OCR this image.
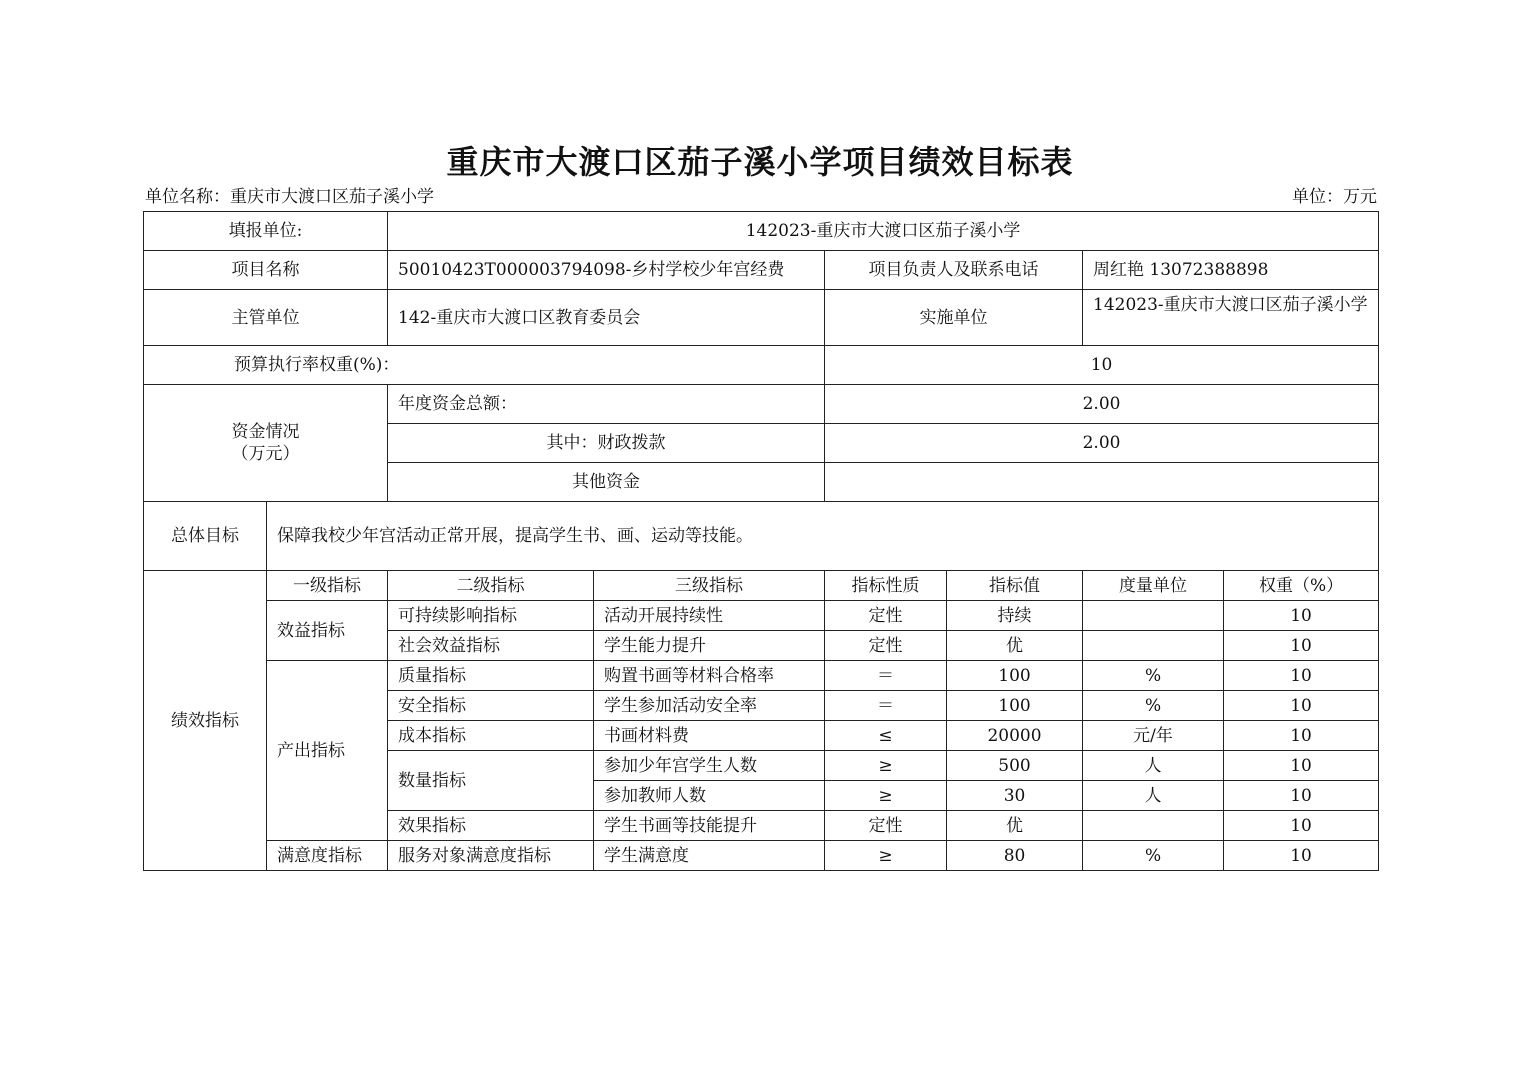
重庆市大渡口区茄子溪小学项目绩效目标表
单位名称：重庆市大渡口区茄子溪小学	单位：万元
填报单位:		142023-重庆市大渡口区茄子溪小学					
项目名称		50010423T000003794098-乡村学校少年宫经费		项目负责人及联系电话		周红艳 13072388898	
主管单位		142-重庆市大渡口区教育委员会		实施单位		142023-重庆市大渡口区茄子溪小学	
预算执行率权重(%)：				10			

资金情况
（万元）		年度资金总额：		2.00			
		其中：财政拨款		2.00			
		其他资金					
总体目标	保障我校少年宫活动正常开展，提高学生书、画、运动等技能。						
绩效指标	一级指标	二级指标	三级指标	指标性质	指标值	度量单位	权重（%）
	效益指标	可持续影响指标	活动开展持续性	定性	持续		10
		社会效益指标	学生能力提升	定性	优		10
	产出指标	质量指标	购置书画等材料合格率	＝	100	%	10
		安全指标	学生参加活动安全率	＝	100	%	10
		成本指标	书画材料费	≤	20000	元/年	10
		数量指标	参加少年宫学生人数	≥	500	人	10
			参加教师人数	≥	30	人	10
		效果指标	学生书画等技能提升	定性	优		10
	满意度指标	服务对象满意度指标	学生满意度	≥	80	%	10
